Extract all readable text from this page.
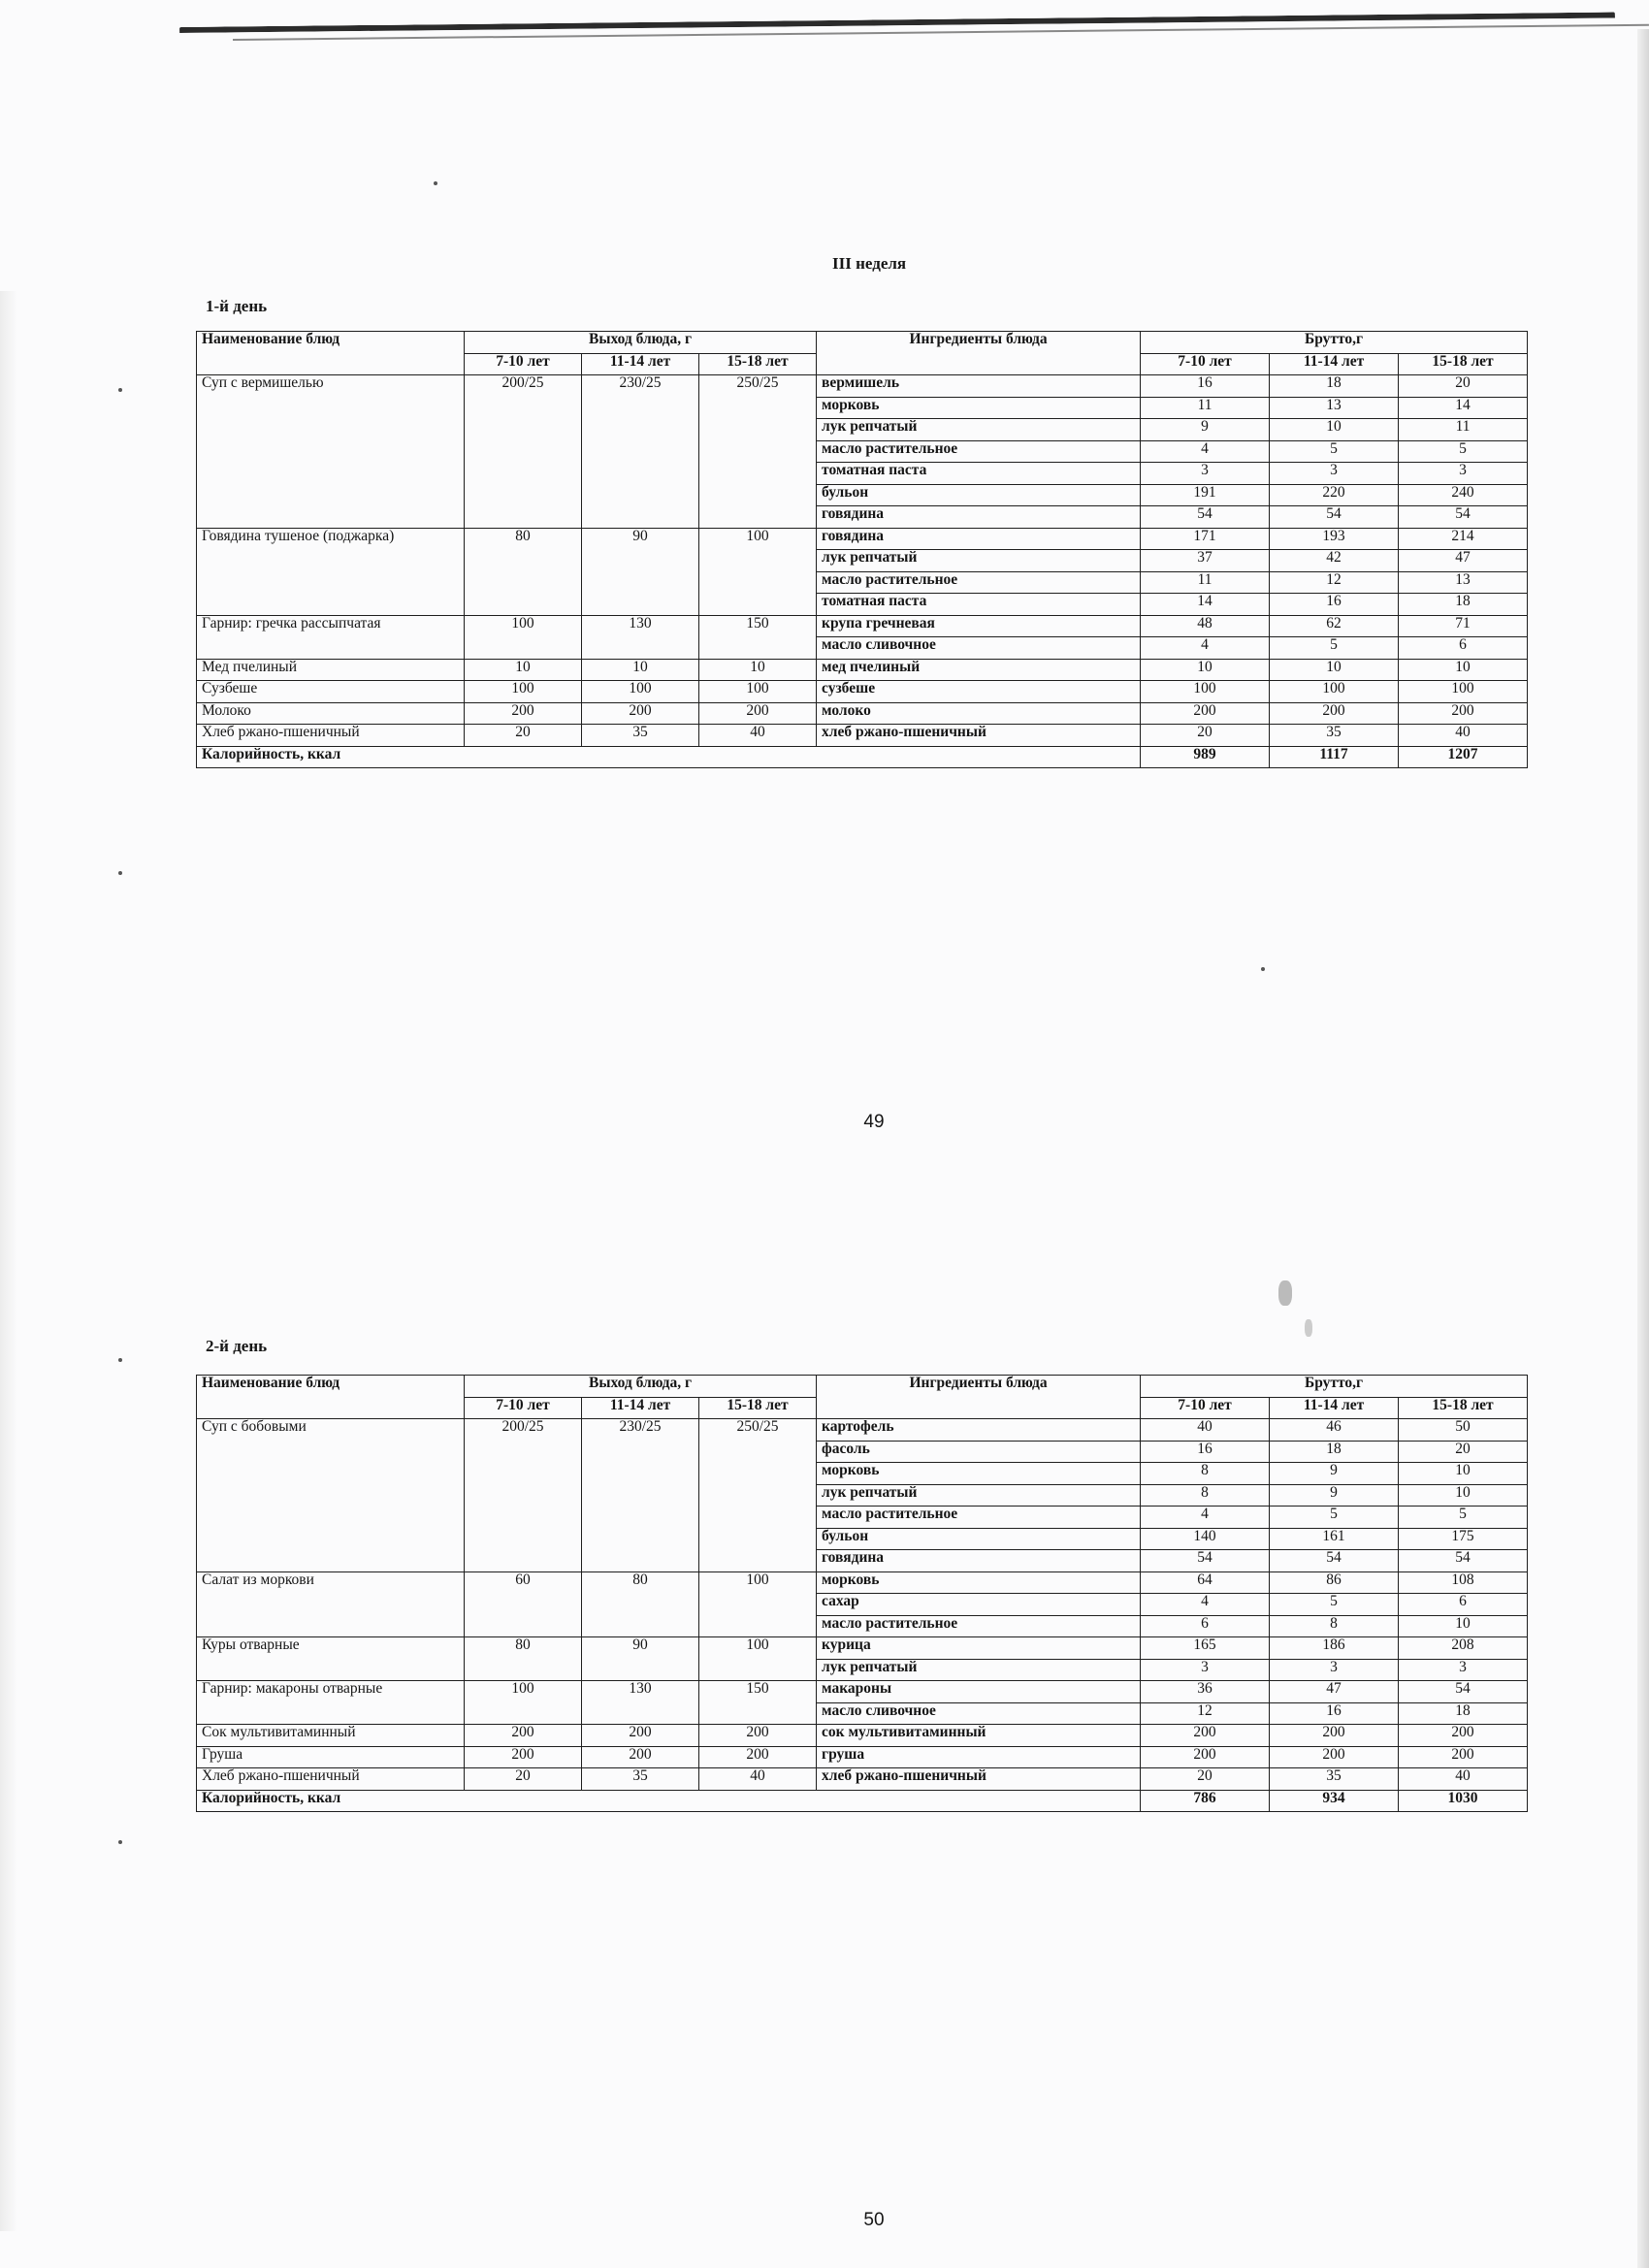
III неделя
1-й день
Наименование блюд	Выход блюда, г			Ингредиенты блюда	Брутто,г		
	7-10 лет	11-14 лет	15-18 лет		7-10 лет	11-14 лет	15-18 лет
Суп с вермишелью	200/25	230/25	250/25	вермишель	16	18	20
				морковь	11	13	14
				лук репчатый	9	10	11
				масло растительное	4	5	5
				томатная паста	3	3	3
				бульон	191	220	240
				говядина	54	54	54
Говядина тушеное (поджарка)	80	90	100	говядина	171	193	214
				лук репчатый	37	42	47
				масло растительное	11	12	13
				томатная паста	14	16	18
Гарнир: гречка рассыпчатая	100	130	150	крупа гречневая	48	62	71
				масло сливочное	4	5	6
Мед пчелиный	10	10	10	мед пчелиный	10	10	10
Сузбеше	100	100	100	сузбеше	100	100	100
Молоко	200	200	200	молоко	200	200	200
Хлеб ржано-пшеничный	20	35	40	хлеб ржано-пшеничный	20	35	40
Калорийность, ккал					989	1117	1207
49
2-й день
Наименование блюд	Выход блюда, г			Ингредиенты блюда	Брутто,г		
	7-10 лет	11-14 лет	15-18 лет		7-10 лет	11-14 лет	15-18 лет
Суп с бобовыми	200/25	230/25	250/25	картофель	40	46	50
				фасоль	16	18	20
				морковь	8	9	10
				лук репчатый	8	9	10
				масло растительное	4	5	5
				бульон	140	161	175
				говядина	54	54	54
Салат из моркови	60	80	100	морковь	64	86	108
				сахар	4	5	6
				масло растительное	6	8	10
Куры отварные	80	90	100	курица	165	186	208
				лук репчатый	3	3	3
Гарнир: макароны отварные	100	130	150	макароны	36	47	54
				масло сливочное	12	16	18
Сок мультивитаминный	200	200	200	сок мультивитаминный	200	200	200
Груша	200	200	200	груша	200	200	200
Хлеб ржано-пшеничный	20	35	40	хлеб ржано-пшеничный	20	35	40
Калорийность, ккал					786	934	1030
50
